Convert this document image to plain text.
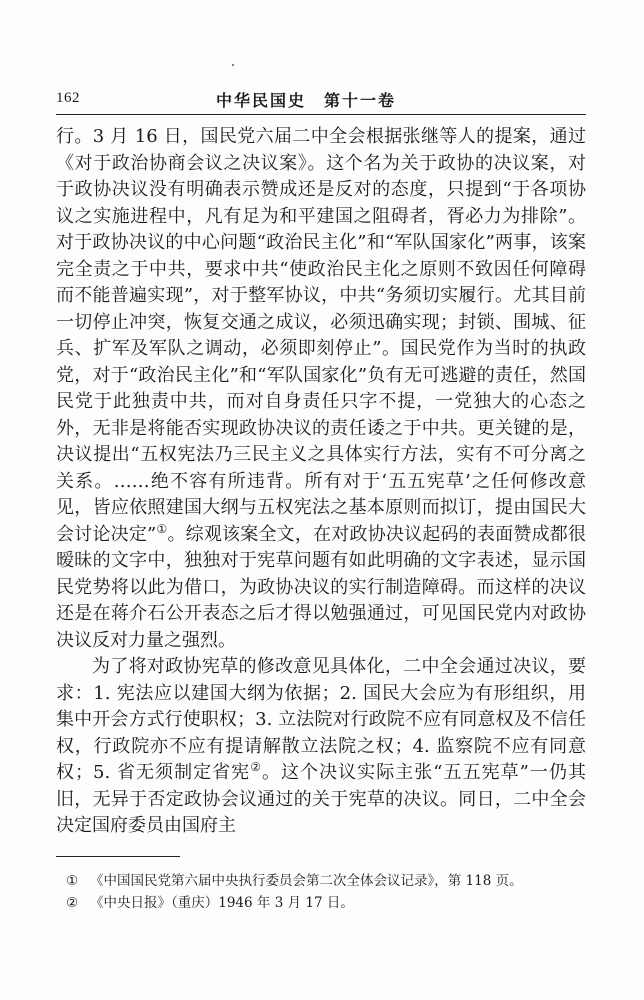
162	中华民国史　第十一卷

行。3 月 16 日，国民党六届二中全会根据张继等人的提案，通过《对于政治协商会议之决议案》。这个名为关于政协的决议案，对于政协决议没有明确表示赞成还是反对的态度，只提到“于各项协议之实施进程中，凡有足为和平建国之阻碍者，胥必力为排除”。对于政协决议的中心问题“政治民主化”和“军队国家化”两事，该案完全责之于中共，要求中共“使政治民主化之原则不致因任何障碍而不能普遍实现”，对于整军协议，中共“务须切实履行。尤其目前一切停止冲突，恢复交通之成议，必须迅确实现；封锁、围城、征兵、扩军及军队之调动，必须即刻停止”。国民党作为当时的执政党，对于“政治民主化”和“军队国家化”负有无可逃避的责任，然国民党于此独责中共，而对自身责任只字不提，一党独大的心态之外，无非是将能否实现政协决议的责任诿之于中共。更关键的是，决议提出“五权宪法乃三民主义之具体实行方法，实有不可分离之关系。……绝不容有所违背。所有对于‘五五宪草’之任何修改意见，皆应依照建国大纲与五权宪法之基本原则而拟订，提由国民大会讨论决定”①。综观该案全文，在对政协决议起码的表面赞成都很暧昧的文字中，独独对于宪草问题有如此明确的文字表述，显示国民党势将以此为借口，为政协决议的实行制造障碍。而这样的决议还是在蒋介石公开表态之后才得以勉强通过，可见国民党内对政协决议反对力量之强烈。

为了将对政协宪草的修改意见具体化，二中全会通过决议，要求：1. 宪法应以建国大纲为依据；2. 国民大会应为有形组织，用集中开会方式行使职权；3. 立法院对行政院不应有同意权及不信任权，行政院亦不应有提请解散立法院之权；4. 监察院不应有同意权；5. 省无须制定省宪②。这个决议实际主张“五五宪草”一仍其旧，无异于否定政协会议通过的关于宪草的决议。同日，二中全会决定国府委员由国府主

① 《中国国民党第六届中央执行委员会第二次全体会议记录》，第 118 页。

② 《中央日报》（重庆）1946 年 3 月 17 日。
